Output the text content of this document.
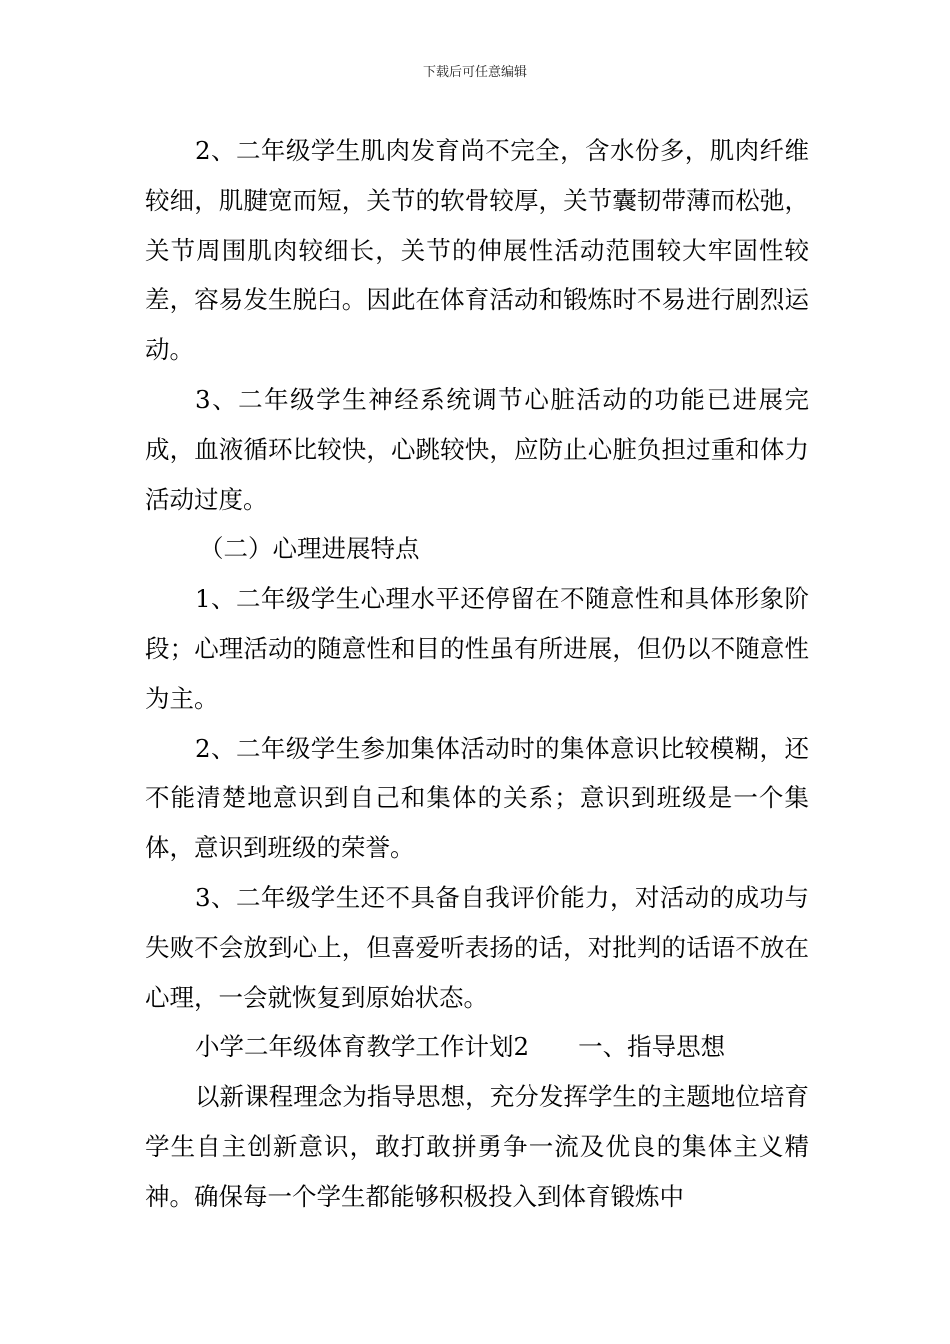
下载后可任意编辑

2、二年级学生肌肉发育尚不完全，含水份多，肌肉纤维较细，肌腱宽而短，关节的软骨较厚，关节囊韧带薄而松弛，关节周围肌肉较细长，关节的伸展性活动范围较大牢固性较差，容易发生脱臼。因此在体育活动和锻炼时不易进行剧烈运动。

3、二年级学生神经系统调节心脏活动的功能已进展完成，血液循环比较快，心跳较快，应防止心脏负担过重和体力活动过度。

（二）心理进展特点

1、二年级学生心理水平还停留在不随意性和具体形象阶段；心理活动的随意性和目的性虽有所进展，但仍以不随意性为主。

2、二年级学生参加集体活动时的集体意识比较模糊，还不能清楚地意识到自己和集体的关系；意识到班级是一个集体，意识到班级的荣誉。

3、二年级学生还不具备自我评价能力，对活动的成功与失败不会放到心上，但喜爱听表扬的话，对批判的话语不放在心理，一会就恢复到原始状态。

小学二年级体育教学工作计划2　　一、指导思想

以新课程理念为指导思想，充分发挥学生的主题地位培育学生自主创新意识，敢打敢拼勇争一流及优良的集体主义精神。确保每一个学生都能够积极投入到体育锻炼中
